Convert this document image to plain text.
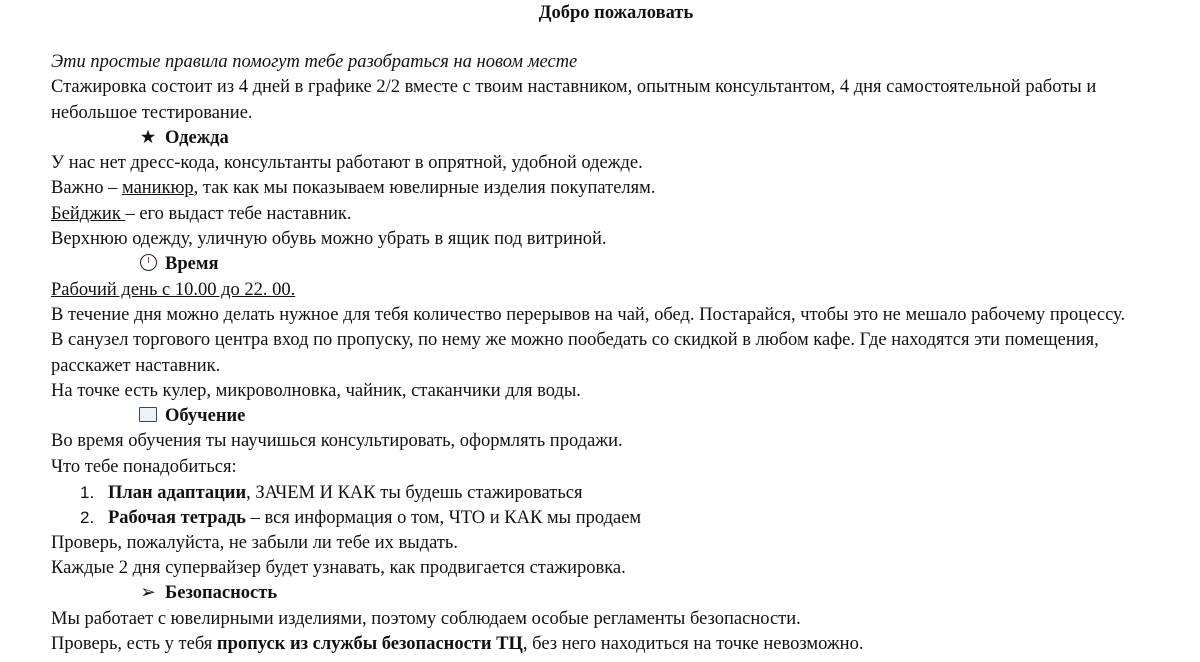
Добро пожаловать
Эти простые правила помогут тебе разобраться на новом месте
Стажировка состоит из 4 дней в графике 2/2 вместе с твоим наставником, опытным консультантом, 4 дня самостоятельной работы и небольшое тестирование.
★ Одежда
У нас нет дресс-кода, консультанты работают в опрятной, удобной одежде.
Важно – маникюр, так как мы показываем ювелирные изделия покупателям.
Бейджик – его выдаст тебе наставник.
Верхнюю одежду, уличную обувь можно убрать в ящик под витриной.
Время
Рабочий день с 10.00 до 22. 00.
В течение дня можно делать нужное для тебя количество перерывов на чай, обед. Постарайся, чтобы это не мешало рабочему процессу.
В санузел торгового центра вход по пропуску, по нему же можно пообедать со скидкой в любом кафе. Где находятся эти помещения, расскажет наставник.
На точке есть кулер, микроволновка, чайник, стаканчики для воды.
Обучение
Во время обучения ты научишься консультировать, оформлять продажи.
Что тебе понадобиться:
1. План адаптации, ЗАЧЕМ И КАК ты будешь стажироваться
2. Рабочая тетрадь – вся информация о том, ЧТО и КАК мы продаем
Проверь, пожалуйста, не забыли ли тебе их выдать.
Каждые 2 дня супервайзер будет узнавать, как продвигается стажировка.
➢ Безопасность
Мы работает с ювелирными изделиями, поэтому соблюдаем особые регламенты безопасности.
Проверь, есть у тебя пропуск из службы безопасности ТЦ, без него находиться на точке невозможно.
